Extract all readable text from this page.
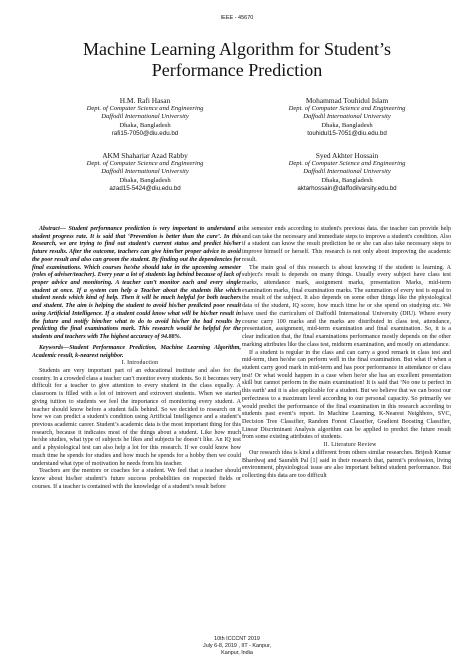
IEEE - 45670
Machine Learning Algorithm for Student’s
Performance Prediction
H.M. Rafi Hasan
Dept. of Computer Science and Engineering
Daffodil International University
Dhaka, Bangladesh
rafi15-7050@diu.edu.bd
Mohammad Touhidul Islam
Dept. of Computer Science and Engineering
Daffodil International University
Dhaka, Bangladesh
touhidul15-7051@diu.edu.bd
AKM Shahariar Azad Rabby
Dept. of Computer Science and Engineering
Daffodil International University
Dhaka, Bangladesh
azad15-5424@diu.edu.bd
Syed Akhter Hossain
Dept. of Computer Science and Engineering
Daffodil International University
Dhaka, Bangladesh
aktarhossain@daffodilvarsity.edu.bd

Abstract— Student performance prediction is very important to understand a student progress rate. It is said that ‘Prevention is better than the cure’. In this Research, we are trying to find out student's current status and predict his/her future results. After the outcome, teachers can give him/her proper advice to avoid the poor result and also can groom the student. By finding out the dependencies for final examinations. Which courses he/she should take in the upcoming semester (roles of adviser/teacher). Every year a lot of students lag behind because of lack of proper advice and monitoring. A teacher can’t monitor each and every single student at once. If a system can help a Teacher about the students like which student needs which kind of help. Then it will be much helpful for both teachers and student. The aim is helping the student to avoid his/her predicted poor result using Artificial Intelligence. If a student could know what will be his/her result in the future and notify him/her what to do to avoid his/her the bad results by predicting the final examinations mark. This research would be helpful for the students and teachers with The highest accuracy of 94.88%.

Keywords—Student Performance Prediction, Machine Learning Algorithm, Academic result, k-nearest neighbor.

I. Introduction

Students are very important part of an educational institute and also for the country. In a crowded class a teacher can’t monitor every students. So it becomes very difficult for a teacher to give attention to every student in the class equally. A classroom is filled with a lot of introvert and extrovert students. When we started giving tuition to students we feel the importance of monitoring every student. A teacher should know before a student falls behind. So we decided to research on it how we can predict a student's condition using Artificial Intelligence and a student’s previous academic career. Student’s academic data is the most important thing for this research, because it indicates most of the things about a student. Like how much he/she studies, what type of subjects he likes and subjects he doesn’t like. An IQ test and a physiological test can also help a lot for this research. If we could know how much time he spends for studies and how much he spends for a hobby then we could understand what type of motivation he needs from his teacher.

Teachers are the mentors or coaches for a student. We feel that a teacher should know about his/her student’s future success probabilities on respected fields or courses. If a teacher is contained with the knowledge of a student’s result before

the semester ends according to student's previous data. the teacher can provide help and can take the necessary and immediate steps to improve a student's condition. Also if a student can know the result prediction he or she can also take necessary steps to improve himself or herself. This research is not only about improving the academic result.

The main goal of this research is about knowing if the student is learning. A subject's result is depends on many things. Usually every subject have class test marks, attendance mark, assignment marks, presentation Marks, mid-term examination marks, final examination marks. The summation of every test is equal to the result of the subject. It also depends on some other things like the physiological data of the student, IQ score, how much time he or she spend on studying etc. We have used the curriculum of Daffodil International University (DIU). Where every course carry 100 marks and the marks are distributed in class test, attendance, presentation, assignment, mid-term examination and final examination. So, it is a clear indication that, the final examinations performance mostly depends on the other marking attributes like the class test, midterm examination, and mostly on attendance.

If a student is regular in the class and can carry a good remark in class test and mid-term, then he/she can perform well in the final examination. But what if when a student carry good mark in mid-term and has poor performance in attendance or class test! Or what would happen in a case when he/or she has an excellent presentation skill but cannot perform in the main examination! It is said that ‘No one is perfect in this earth’ and it is also applicable for a student. But we believe that we can boost our perfectness to a maximum level according to our personal capacity. So primarily we would predict the performance of the final examination in this research according to students past event’s report. In Machine Learning, K-Nearest Neighbors, SVC, Decision Tree Classifier, Random Forest Classifier, Gradient Boosting Classifier, Linear Discriminant Analysis algorithm can be applied to predict the future result from some existing attributes of students.

II. Literature Review

Our research idea is kind a different from others similar researches. Brijesh Kumar Bhardwaj and Saurabh Pal [1] said in their research that, parent’s profession, living environment, physiological issue are also important behind student performance. But collecting this data are too difficult

10th ICCCNT 2019
July 6-8, 2019 , IIT - Kanpur,
Kanpur, India
